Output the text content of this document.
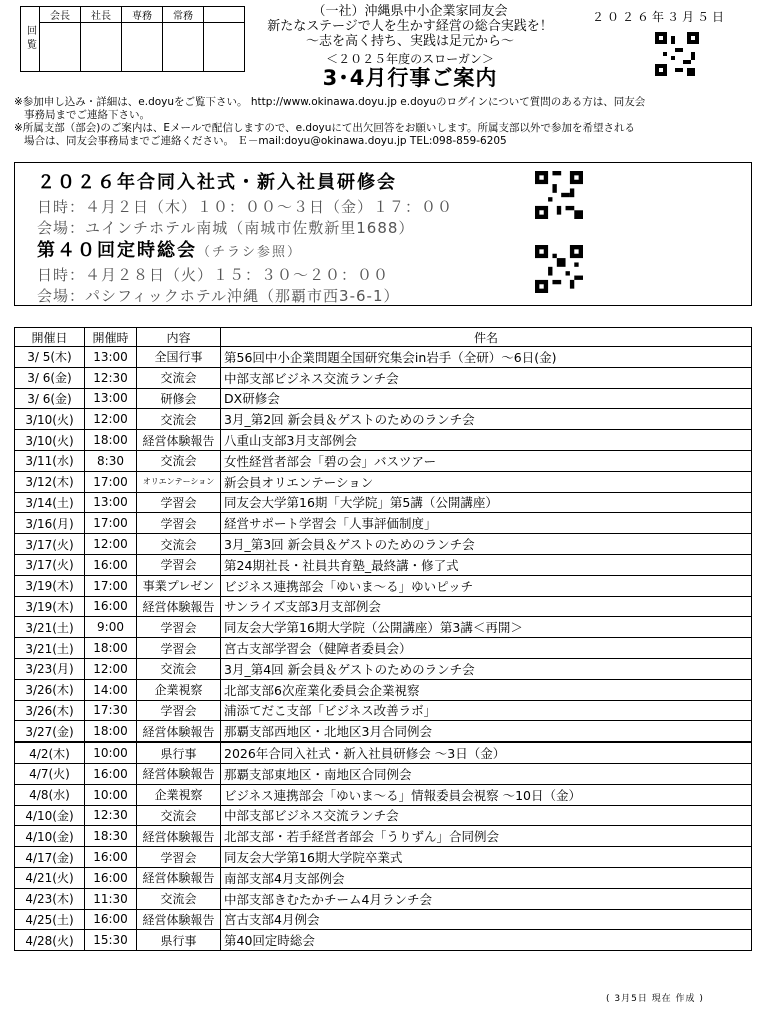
回覧	会長	社長	専務	常務	
					（一社）沖縄県中小企業家同友会
新たなステージで人を生かす経営の総合実践を！
～志を高く持ち、実践は足元から～
２０２６年３月５日
＜２０２５年度のスローガン＞
3･4月行事ご案内
※参加申し込み・詳細は、e.doyuをご覧下さい。 http://www.okinawa.doyu.jp e.doyuのログインについて質問のある方は、同友会
事務局までご連絡下さい。
※所属支部（部会)のご案内は、Eメールで配信しますので、e.doyuにて出欠回答をお願いします。所属支部以外で参加を希望される
場合は、同友会事務局までご連絡ください。 Ｅ－mail:doyu@okinawa.doyu.jp TEL:098-859-6205
２０２６年合同入社式・新入社員研修会
日時：４月２日（木）１０：００～３日（金）１７：００
会場：ユインチホテル南城（南城市佐敷新里1688）
第４０回定時総会（チラシ参照）
日時：４月２８日（火）１５：３０～２０：００
会場：パシフィックホテル沖縄（那覇市西3-6-1）
開催日	開催時	内容	件名
3/ 5(木)	13:00	全国行事	第56回中小企業問題全国研究集会in岩手（全研）～6日(金)
3/ 6(金)	12:30	交流会	中部支部ビジネス交流ランチ会
3/ 6(金)	13:00	研修会	DX研修会
3/10(火)	12:00	交流会	3月_第2回 新会員＆ゲストのためのランチ会
3/10(火)	18:00	経営体験報告	八重山支部3月支部例会
3/11(水)	8:30	交流会	女性経営者部会「碧の会」バスツアー
3/12(木)	17:00	オリエンテーション	新会員オリエンテーション
3/14(土)	13:00	学習会	同友会大学第16期「大学院」第5講（公開講座）
3/16(月)	17:00	学習会	経営サポート学習会「人事評価制度」
3/17(火)	12:00	交流会	3月_第3回 新会員＆ゲストのためのランチ会
3/17(火)	16:00	学習会	第24期社長・社員共育塾_最終講・修了式
3/19(木)	17:00	事業プレゼン	ビジネス連携部会「ゆいま～る」ゆいピッチ
3/19(木)	16:00	経営体験報告	サンライズ支部3月支部例会
3/21(土)	9:00	学習会	同友会大学第16期大学院（公開講座）第3講＜再開＞
3/21(土)	18:00	学習会	宮古支部学習会（健障者委員会）
3/23(月)	12:00	交流会	3月_第4回 新会員＆ゲストのためのランチ会
3/26(木)	14:00	企業視察	北部支部6次産業化委員会企業視察
3/26(木)	17:30	学習会	浦添てだこ支部「ビジネス改善ラボ」
3/27(金)	18:00	経営体験報告	那覇支部西地区・北地区3月合同例会
4/2(木)	10:00	県行事	2026年合同入社式・新入社員研修会 ～3日（金）
4/7(火)	16:00	経営体験報告	那覇支部東地区・南地区合同例会
4/8(水)	10:00	企業視察	ビジネス連携部会「ゆいま～る」情報委員会視察 ～10日（金）
4/10(金)	12:30	交流会	中部支部ビジネス交流ランチ会
4/10(金)	18:30	経営体験報告	北部支部・若手経営者部会「うりずん」合同例会
4/17(金)	16:00	学習会	同友会大学第16期大学院卒業式
4/21(火)	16:00	経営体験報告	南部支部4月支部例会
4/23(木)	11:30	交流会	中部支部きむたかチーム4月ランチ会
4/25(土)	16:00	経営体験報告	宮古支部4月例会
4/28(火)	15:30	県行事	第40回定時総会
( 3月5日 現在 作成 )
